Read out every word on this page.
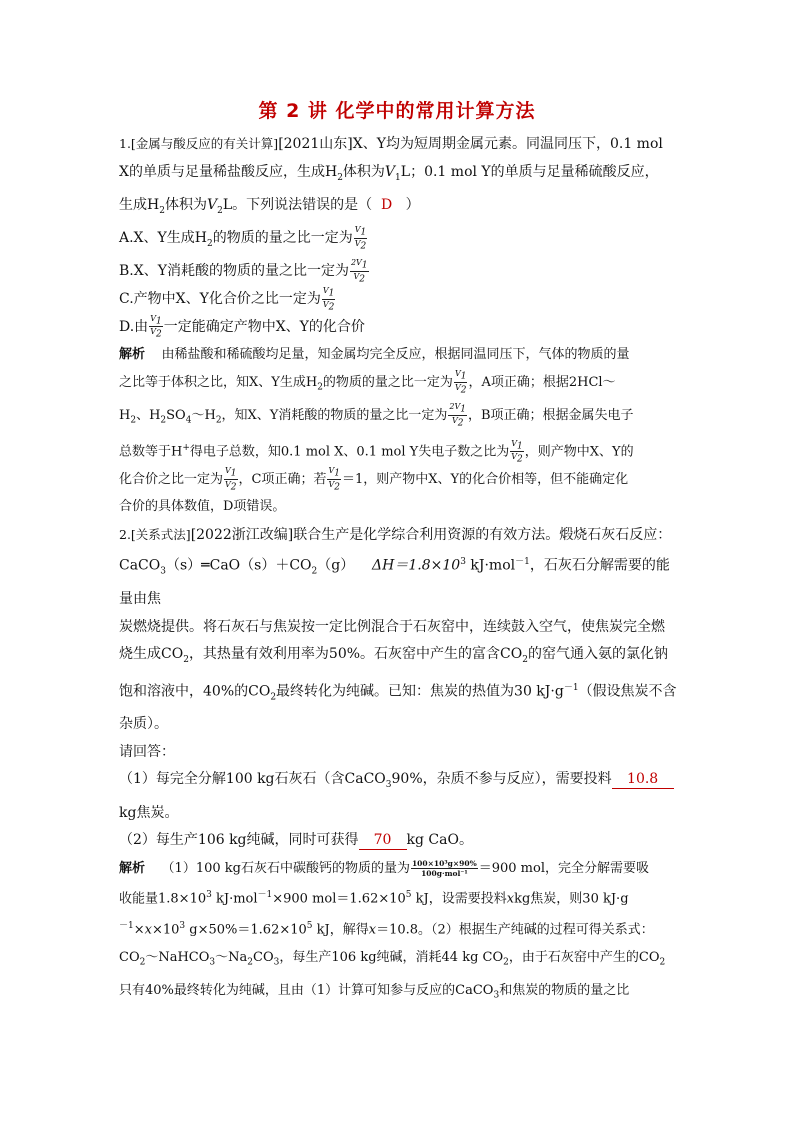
第 2 讲 化学中的常用计算方法
1.[金属与酸反应的有关计算][2021山东]X、Y均为短周期金属元素。同温同压下，0.1 mol
X的单质与足量稀盐酸反应，生成$H_2$体积为$V_1L$；0.1 mol Y的单质与足量稀硫酸反应，
生成$H_2$体积为$V_2L$。下列说法错误的是（ D ）
A.X、Y生成$H_2$的物质的量之比一定为 $\frac{V_1}{V_2}$
B.X、Y消耗酸的物质的量之比一定为 $\frac{2V_1}{V_2}$
C.产物中X、Y化合价之比一定为 $\frac{V_1}{V_2}$
D.由 $\frac{V_1}{V_2}$ 一定能确定产物中X、Y的化合价
解析 由稀盐酸和稀硫酸均足量，知金属均完全反应，根据同温同压下，气体的物质的量
之比等于体积之比，知X、Y生成$H_2$的物质的量之比一定为 $\frac{V_1}{V_2}$ ，A项正确；根据2HCl～
$H_2$、$H_2SO_4\sim H_2$，知X、Y消耗酸的物质的量之比一定为 $\frac{2V_1}{V_2}$ ，B项正确；根据金属失电子
总数等于H+得电子总数，知0.1 mol X、0.1 mol Y失电子数之比为 $\frac{V_1}{V_2}$ ，则产物中X、Y的
化合价之比一定为 $\frac{V_1}{V_2}$ ，C项正确；若 $\frac{V_1}{V_2} =1$，则产物中X、Y的化合价相等，但不能确定化
合价的具体数值，D项错误。
2.[关系式法][2022浙江改编]联合生产是化学综合利用资源的有效方法。煅烧石灰石反应：
$CaCO_3(s)═CaO(s)+CO_2(g)$ $\Delta H=1.8\times 10^3$ kJ·mol$^{-1}$，石灰石分解需要的能量由焦
炭燃烧提供。将石灰石与焦炭按一定比例混合于石灰窑中，连续鼓入空气，使焦炭完全燃
烧生成$CO_2$，其热量有效利用率为50%。石灰窑中产生的富含$CO_2$的窑气通入氨的氯化钠
饱和溶液中，40%的$CO_2$最终转化为纯碱。已知：焦炭的热值为30 $kJ\cdot g^{-1}$（假设焦炭不含
杂质）。
请回答：
（1）每完全分解100 kg石灰石（含CaCO$_3$90%，杂质不参与反应），需要投料 10.8
kg焦炭。
（2）每生产106 kg纯碱，同时可获得 70 kg CaO。
解析 （1）100 kg石灰石中碳酸钙的物质的量为 $\frac{\text{100×10³g×90\%}}{\text{100g·mol⁻¹}} =900$ mol，完全分解需要吸
收能量$1.8\times 10^3$ kJ·mol$^{-1}$×900 $mol=1.62\times 10^5$ kJ，设需要投料xkg焦炭，则30 kJ·g
$^{-1}\times x\times 10^3$ $g\times 50\%=1.62\times 10^5$ kJ，解得x＝10.8。（2）根据生产纯碱的过程可得关系式：
$CO_2\sim NaHCO_3\sim Na_2CO_3$，每生产106 kg纯碱，消耗44 kg $CO_2$，由于石灰窑中产生的$CO_2$
只有40%最终转化为纯碱，且由（1）计算可知参与反应的CaCO$_3$和焦炭的物质的量之比
